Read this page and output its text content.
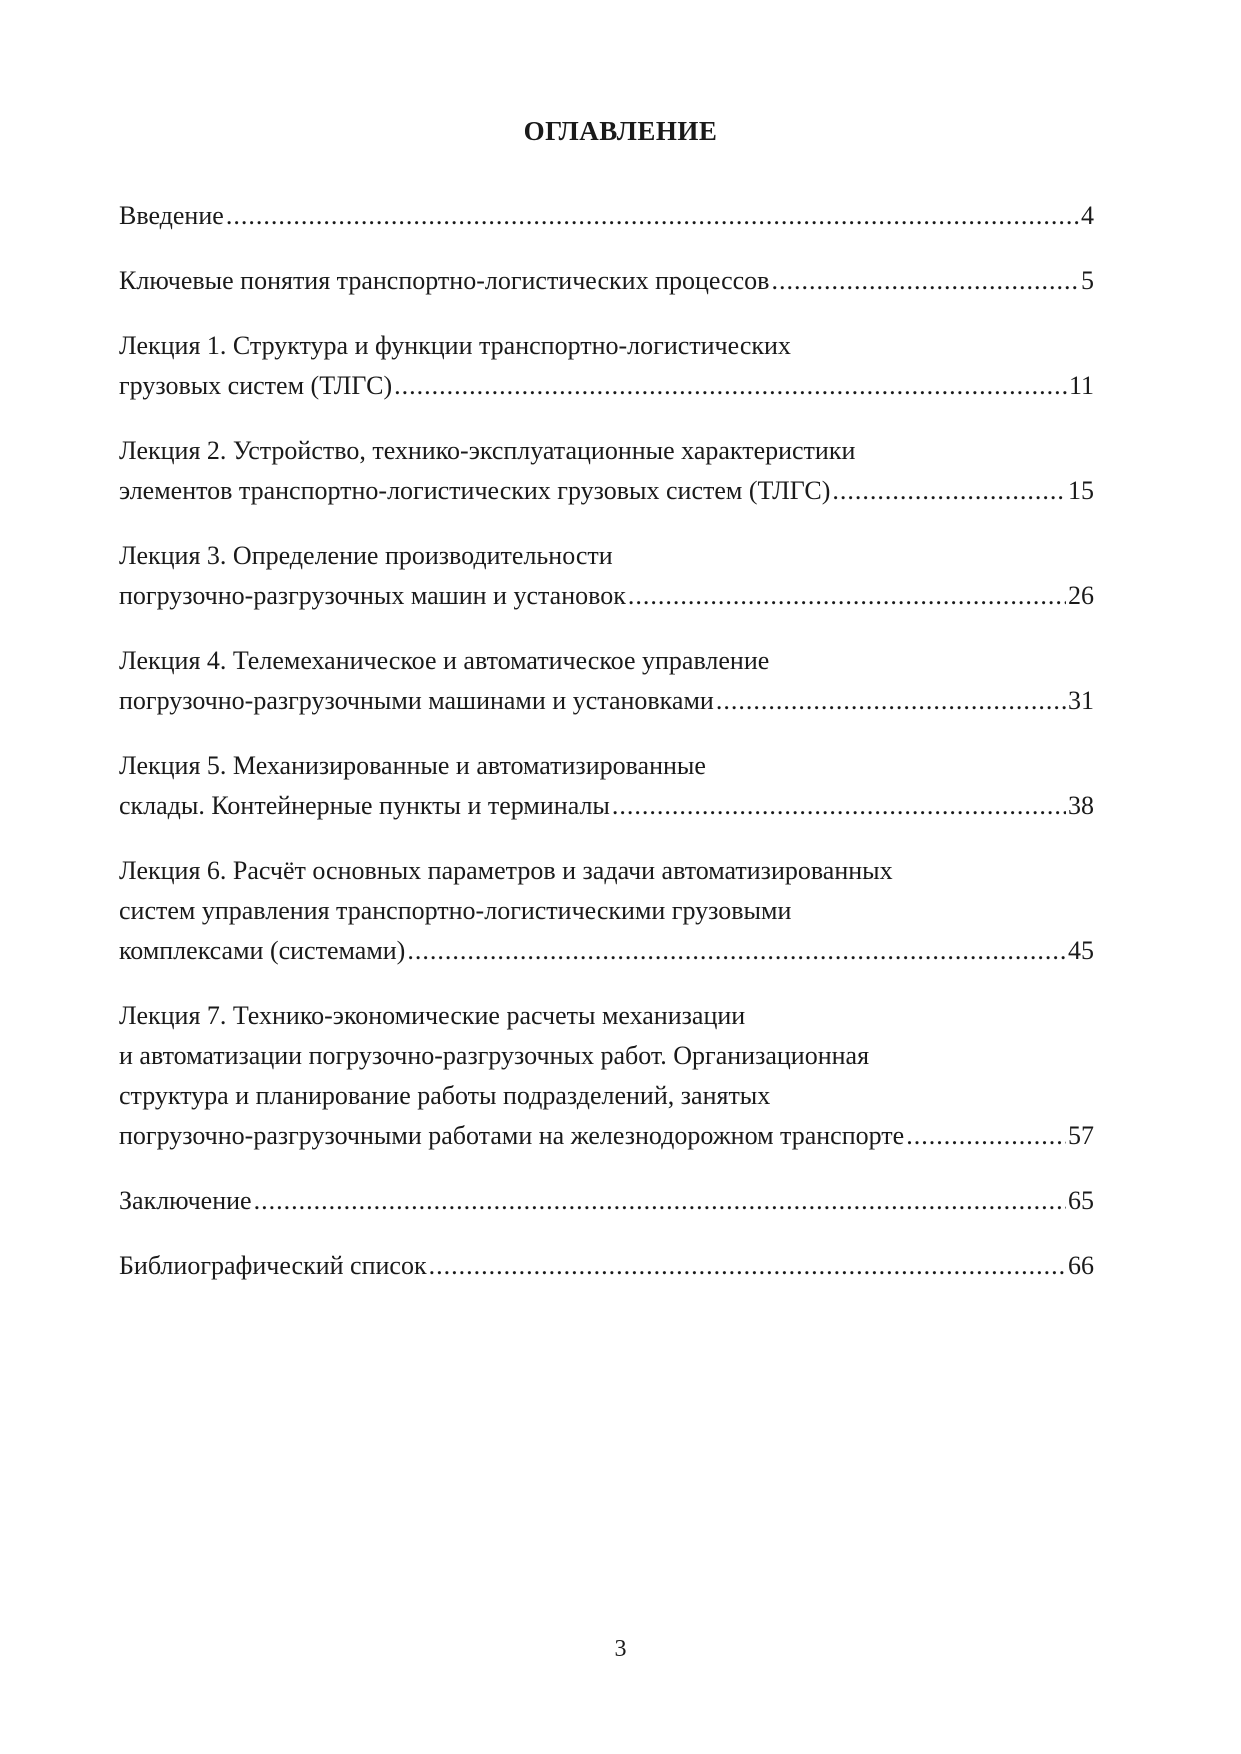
ОГЛАВЛЕНИЕ
Введение .....	4
Ключевые понятия транспортно-логистических процессов .....	5
Лекция 1. Структура и функции транспортно-логистических
грузовых систем (ТЛГС) .....	11
Лекция 2. Устройство, технико-эксплуатационные характеристики
элементов транспортно-логистических грузовых систем (ТЛГС) .....	15
Лекция 3. Определение производительности
погрузочно-разгрузочных машин и установок .....	26
Лекция 4. Телемеханическое и автоматическое управление
погрузочно-разгрузочными машинами и установками .....	31
Лекция 5. Механизированные и автоматизированные
склады. Контейнерные пункты и терминалы .....	38
Лекция 6. Расчёт основных параметров и задачи автоматизированных
систем управления транспортно-логистическими грузовыми
комплексами (системами) .....	45
Лекция 7. Технико-экономические расчеты механизации
и автоматизации погрузочно-разгрузочных работ. Организационная
структура и планирование работы подразделений, занятых
погрузочно-разгрузочными работами на железнодорожном транспорте .....	57
Заключение .....	65
Библиографический список .....	66
3
